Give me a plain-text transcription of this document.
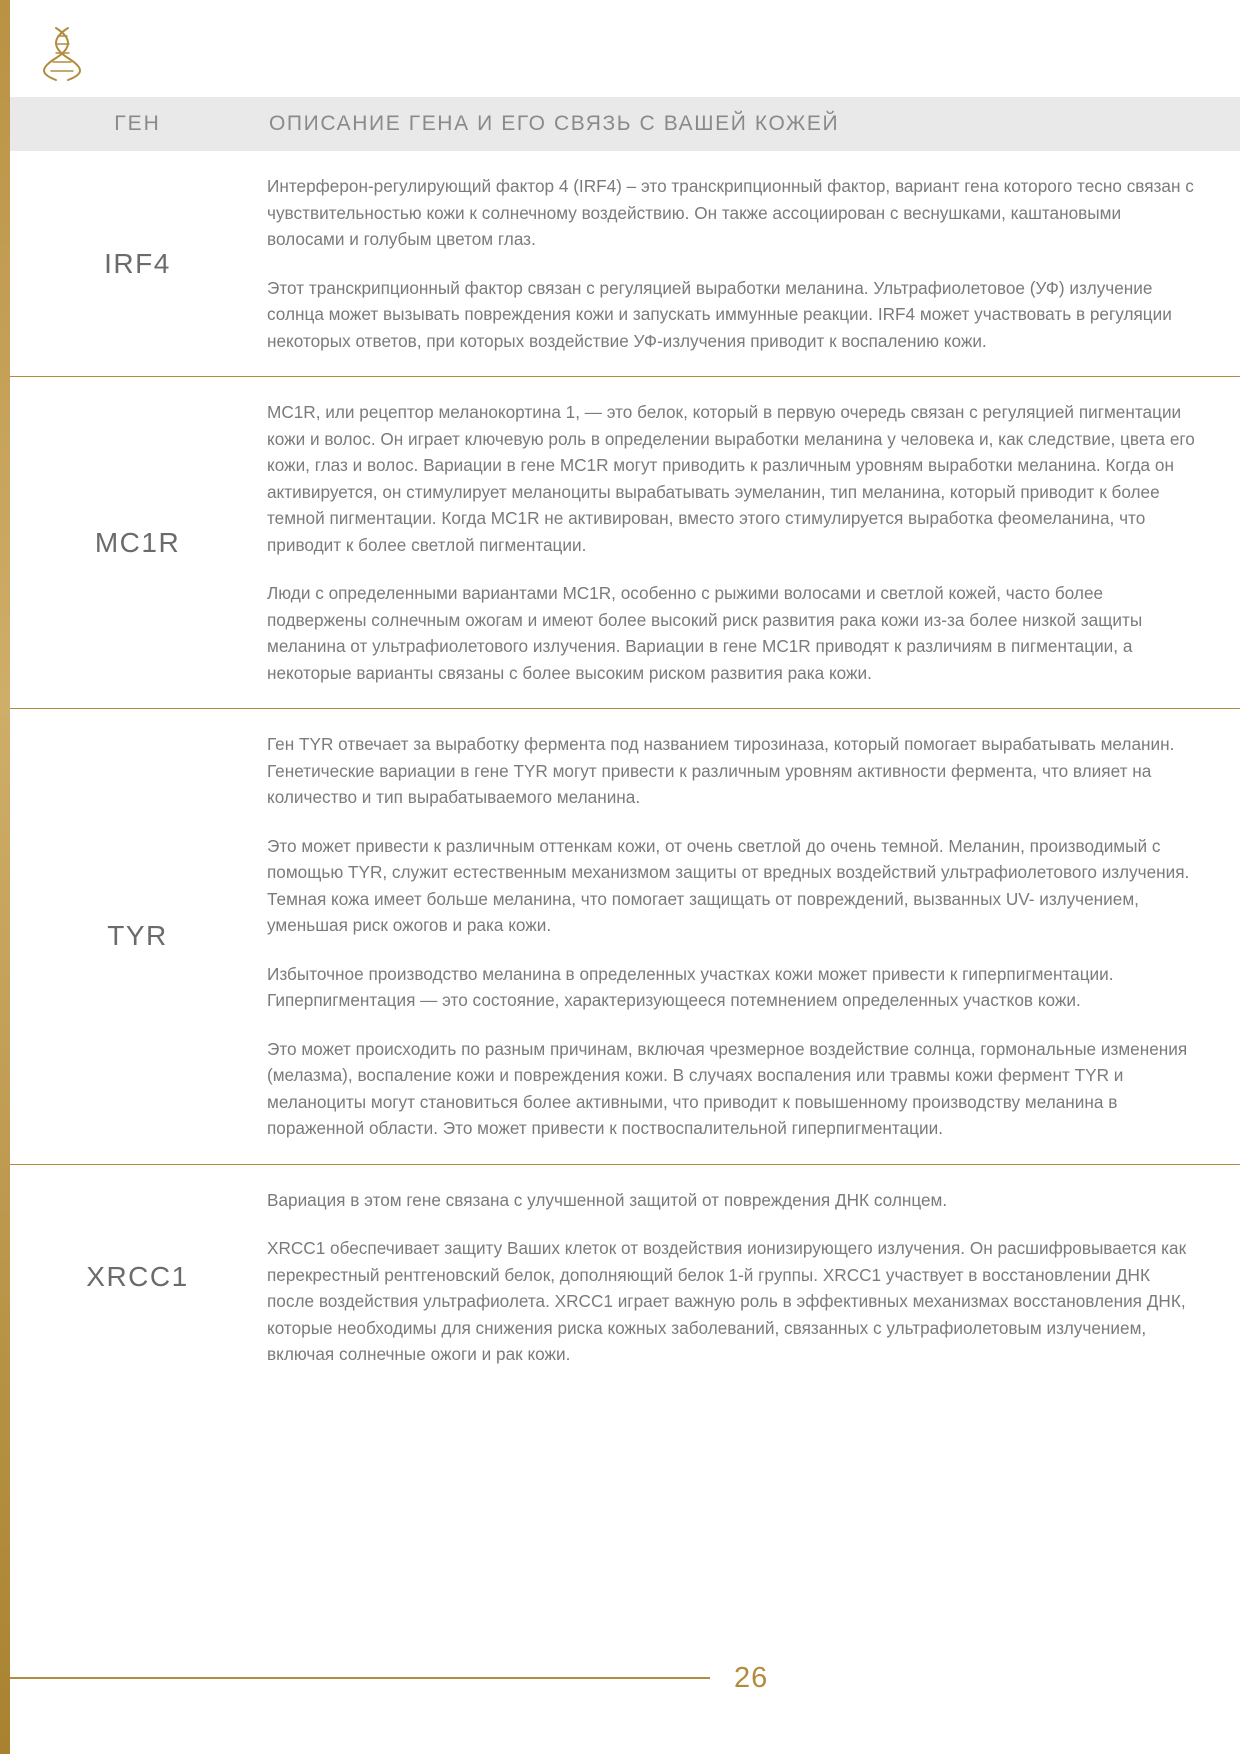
ГЕН	ОПИСАНИЕ ГЕНА И ЕГО СВЯЗЬ С ВАШЕЙ КОЖЕЙ
IRF4

Интерферон-регулирующий фактор 4 (IRF4) – это транскрипционный фактор, вариант гена которого тесно связан с чувствительностью кожи к солнечному воздействию. Он также ассоциирован с веснушками, каштановыми волосами и голубым цветом глаз.

Этот транскрипционный фактор связан с регуляцией выработки меланина. Ультрафиолетовое (УФ) излучение солнца может вызывать повреждения кожи и запускать иммунные реакции. IRF4 может участвовать в регуляции некоторых ответов, при которых воздействие УФ-излучения приводит к воспалению кожи.

MC1R

MC1R, или рецептор меланокортина 1, — это белок, который в первую очередь связан с регуляцией пигментации кожи и волос. Он играет ключевую роль в определении выработки меланина у человека и, как следствие, цвета его кожи, глаз и волос. Вариации в гене MC1R могут приводить к различным уровням выработки меланина. Когда он активируется, он стимулирует меланоциты вырабатывать эумеланин, тип меланина, который приводит к более темной пигментации. Когда MC1R не активирован, вместо этого стимулируется выработка феомеланина, что приводит к более светлой пигментации.

Люди с определенными вариантами MC1R, особенно с рыжими волосами и светлой кожей, часто более подвержены солнечным ожогам и имеют более высокий риск развития рака кожи из-за более низкой защиты меланина от ультрафиолетового излучения. Вариации в гене MC1R приводят к различиям в пигментации, а некоторые варианты связаны с более высоким риском развития рака кожи.

TYR

Ген TYR отвечает за выработку фермента под названием тирозиназа, который помогает вырабатывать меланин. Генетические вариации в гене TYR могут привести к различным уровням активности фермента, что влияет на количество и тип вырабатываемого меланина.

Это может привести к различным оттенкам кожи, от очень светлой до очень темной. Меланин, производимый с помощью TYR, служит естественным механизмом защиты от вредных воздействий ультрафиолетового излучения. Темная кожа имеет больше меланина, что помогает защищать от повреждений, вызванных UV- излучением, уменьшая риск ожогов и рака кожи.

Избыточное производство меланина в определенных участках кожи может привести к гиперпигментации. Гиперпигментация — это состояние, характеризующееся потемнением определенных участков кожи.

Это может происходить по разным причинам, включая чрезмерное воздействие солнца, гормональные изменения (мелазма), воспаление кожи и повреждения кожи. В случаях воспаления или травмы кожи фермент TYR и меланоциты могут становиться более активными, что приводит к повышенному производству меланина в пораженной области. Это может привести к поствоспалительной гиперпигментации.

XRCC1

Вариация в этом гене связана с улучшенной защитой от повреждения ДНК солнцем.

XRCC1 обеспечивает защиту Ваших клеток от воздействия ионизирующего излучения. Он расшифровывается как перекрестный рентгеновский белок, дополняющий белок 1-й группы. XRCC1 участвует в восстановлении ДНК после воздействия ультрафиолета. XRCC1 играет важную роль в эффективных механизмах восстановления ДНК, которые необходимы для снижения риска кожных заболеваний, связанных с ультрафиолетовым излучением, включая солнечные ожоги и рак кожи.

26
